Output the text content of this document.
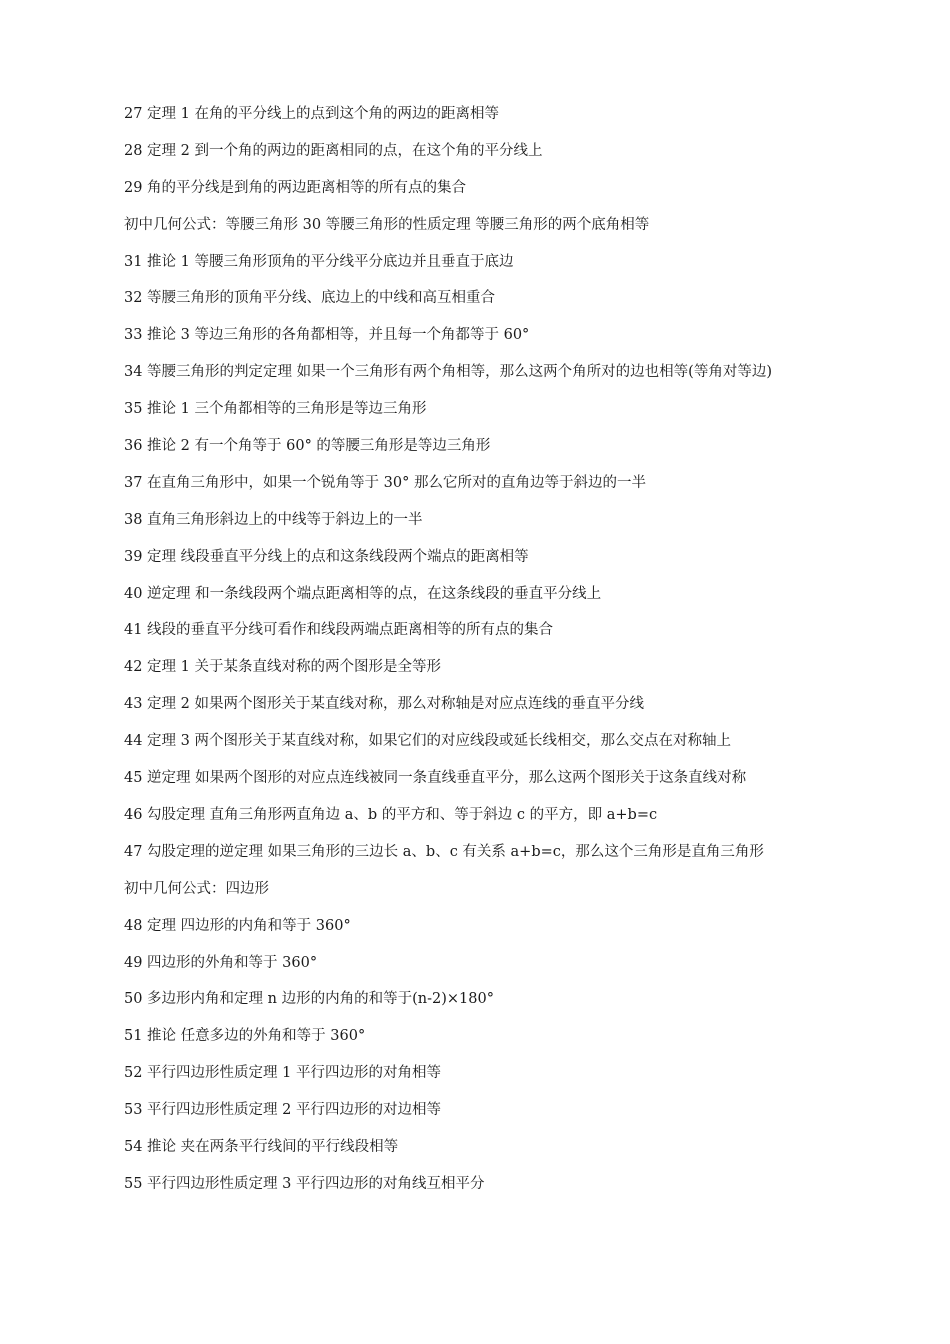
27 定理 1 在角的平分线上的点到这个角的两边的距离相等
28 定理 2 到一个角的两边的距离相同的点，在这个角的平分线上
29 角的平分线是到角的两边距离相等的所有点的集合
初中几何公式：等腰三角形 30 等腰三角形的性质定理 等腰三角形的两个底角相等
31 推论 1 等腰三角形顶角的平分线平分底边并且垂直于底边
32 等腰三角形的顶角平分线、底边上的中线和高互相重合
33 推论 3 等边三角形的各角都相等，并且每一个角都等于 60°
34 等腰三角形的判定定理 如果一个三角形有两个角相等，那么这两个角所对的边也相等(等角对等边)
35 推论 1 三个角都相等的三角形是等边三角形
36 推论 2 有一个角等于 60° 的等腰三角形是等边三角形
37 在直角三角形中，如果一个锐角等于 30° 那么它所对的直角边等于斜边的一半
38 直角三角形斜边上的中线等于斜边上的一半
39 定理 线段垂直平分线上的点和这条线段两个端点的距离相等
40 逆定理 和一条线段两个端点距离相等的点，在这条线段的垂直平分线上
41 线段的垂直平分线可看作和线段两端点距离相等的所有点的集合
42 定理 1 关于某条直线对称的两个图形是全等形
43 定理 2 如果两个图形关于某直线对称，那么对称轴是对应点连线的垂直平分线
44 定理 3 两个图形关于某直线对称，如果它们的对应线段或延长线相交，那么交点在对称轴上
45 逆定理 如果两个图形的对应点连线被同一条直线垂直平分，那么这两个图形关于这条直线对称
46 勾股定理 直角三角形两直角边 a、b 的平方和、等于斜边 c 的平方，即 a+b=c
47 勾股定理的逆定理 如果三角形的三边长 a、b、c 有关系 a+b=c，那么这个三角形是直角三角形
初中几何公式：四边形
48 定理 四边形的内角和等于 360°
49 四边形的外角和等于 360°
50 多边形内角和定理 n 边形的内角的和等于(n-2)×180°
51 推论 任意多边的外角和等于 360°
52 平行四边形性质定理 1 平行四边形的对角相等
53 平行四边形性质定理 2 平行四边形的对边相等
54 推论 夹在两条平行线间的平行线段相等
55 平行四边形性质定理 3 平行四边形的对角线互相平分
